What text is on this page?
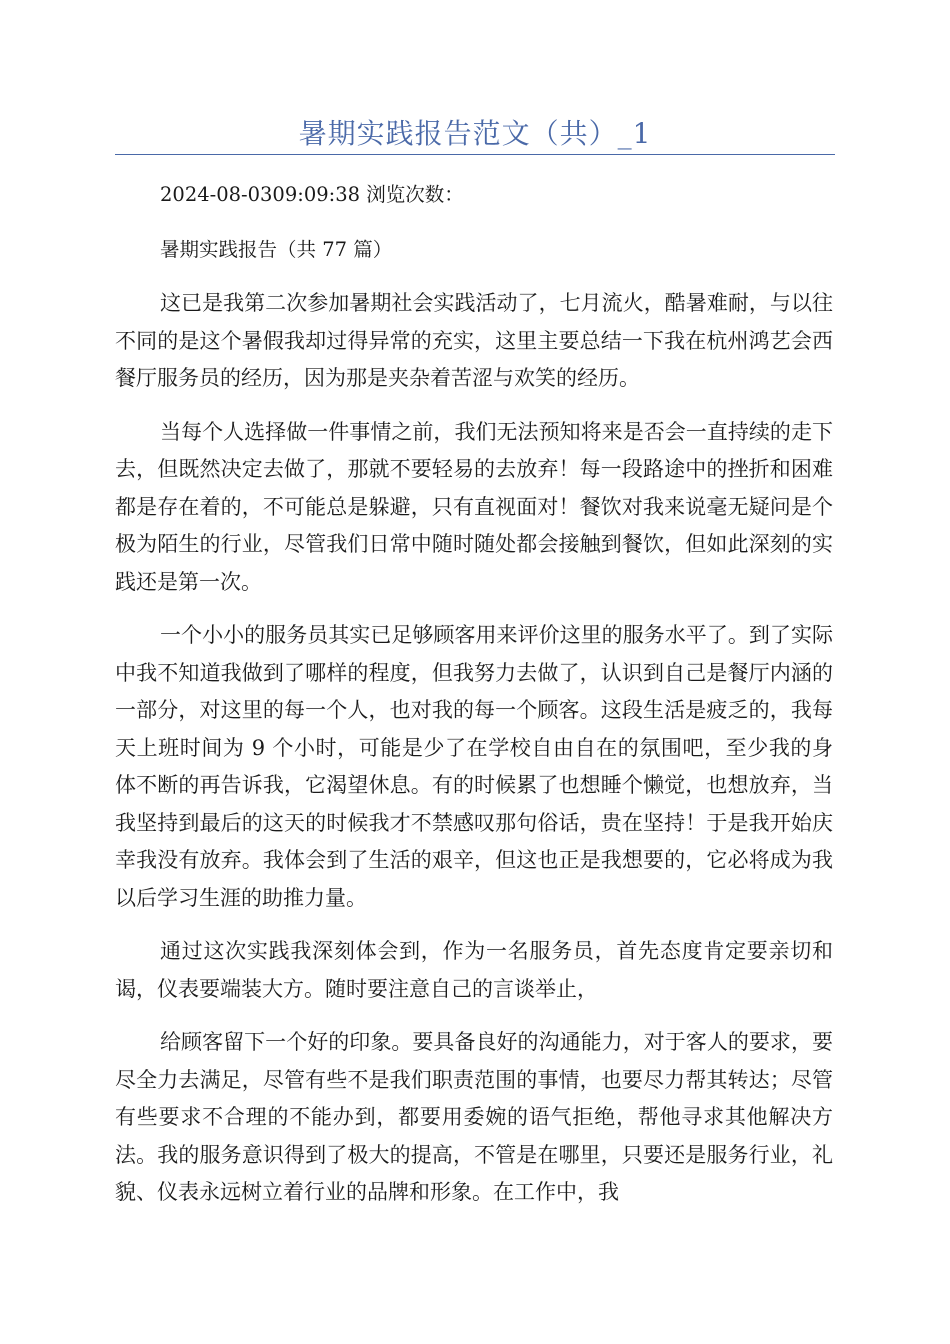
暑期实践报告范文（共）_1

2024-08-0309:09:38 浏览次数：

暑期实践报告（共 77 篇）

这已是我第二次参加暑期社会实践活动了，七月流火，酷暑难耐，与以往不同的是这个暑假我却过得异常的充实，这里主要总结一下我在杭州鸿艺会西餐厅服务员的经历，因为那是夹杂着苦涩与欢笑的经历。

当每个人选择做一件事情之前，我们无法预知将来是否会一直持续的走下去，但既然决定去做了，那就不要轻易的去放弃！每一段路途中的挫折和困难都是存在着的，不可能总是躲避，只有直视面对！餐饮对我来说毫无疑问是个极为陌生的行业，尽管我们日常中随时随处都会接触到餐饮，但如此深刻的实践还是第一次。

一个小小的服务员其实已足够顾客用来评价这里的服务水平了。到了实际中我不知道我做到了哪样的程度，但我努力去做了，认识到自己是餐厅内涵的一部分，对这里的每一个人，也对我的每一个顾客。这段生活是疲乏的，我每天上班时间为 9 个小时，可能是少了在学校自由自在的氛围吧，至少我的身体不断的再告诉我，它渴望休息。有的时候累了也想睡个懒觉，也想放弃，当我坚持到最后的这天的时候我才不禁感叹那句俗话，贵在坚持！于是我开始庆幸我没有放弃。我体会到了生活的艰辛，但这也正是我想要的，它必将成为我以后学习生涯的助推力量。

通过这次实践我深刻体会到，作为一名服务员，首先态度肯定要亲切和谒，仪表要端装大方。随时要注意自己的言谈举止，

给顾客留下一个好的印象。要具备良好的沟通能力，对于客人的要求，要尽全力去满足，尽管有些不是我们职责范围的事情，也要尽力帮其转达；尽管有些要求不合理的不能办到，都要用委婉的语气拒绝，帮他寻求其他解决方法。我的服务意识得到了极大的提高，不管是在哪里，只要还是服务行业，礼貌、仪表永远树立着行业的品牌和形象。在工作中，我
